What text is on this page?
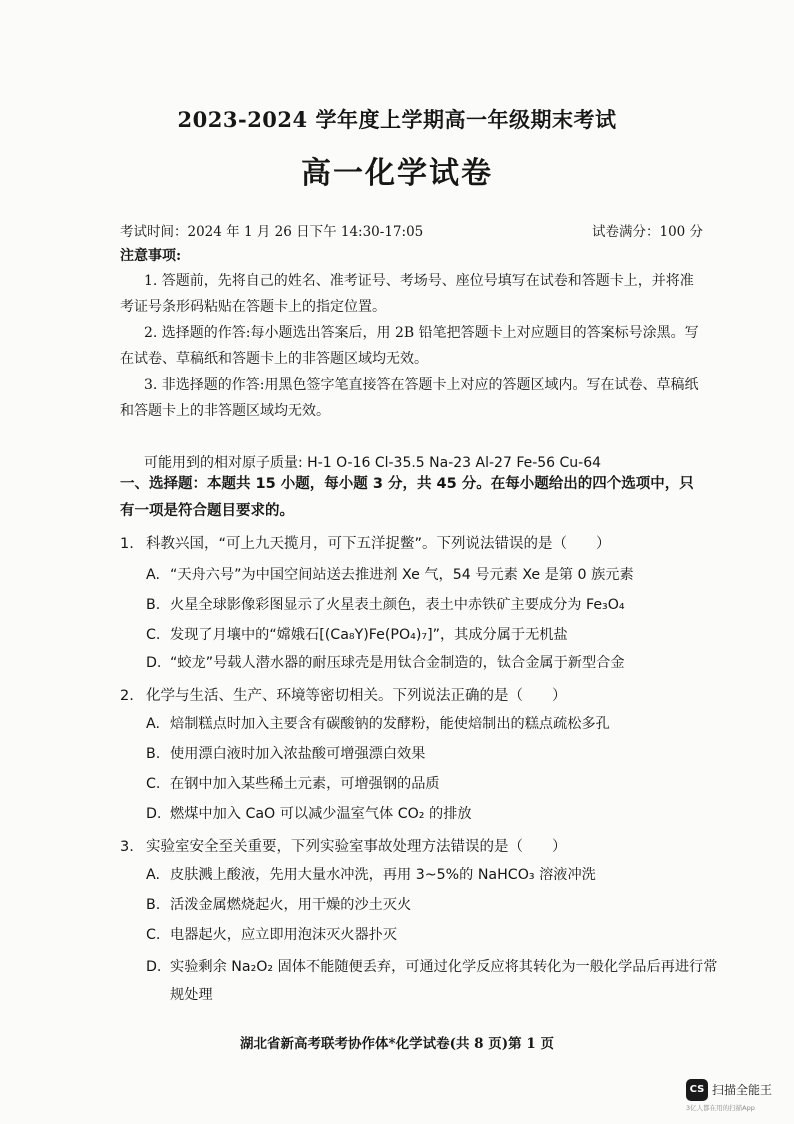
2023-2024 学年度上学期高一年级期末考试
高一化学试卷
考试时间：2024 年 1 月 26 日下午 14:30-17:05	试卷满分：100 分
注意事项:
1. 答题前，先将自己的姓名、准考证号、考场号、座位号填写在试卷和答题卡上，并将准
考证号条形码粘贴在答题卡上的指定位置。
2. 选择题的作答:每小题选出答案后，用 2B 铅笔把答题卡上对应题目的答案标号涂黑。写
在试卷、草稿纸和答题卡上的非答题区域均无效。
3. 非选择题的作答:用黑色签字笔直接答在答题卡上对应的答题区域内。写在试卷、草稿纸
和答题卡上的非答题区域均无效。
可能用到的相对原子质量: H-1 O-16 Cl-35.5 Na-23 Al-27 Fe-56 Cu-64
一、选择题：本题共 15 小题，每小题 3 分，共 45 分。在每小题给出的四个选项中，只有一项是符合题目要求的。
1. 科教兴国，“可上九天揽月，可下五洋捉鳖”。下列说法错误的是（　　）
A. “天舟六号”为中国空间站送去推进剂 Xe 气，54 号元素 Xe 是第 0 族元素
B. 火星全球影像彩图显示了火星表土颜色，表土中赤铁矿主要成分为 Fe₃O₄
C. 发现了月壤中的“嫦娥石[(Ca₈Y)Fe(PO₄)₇]”，其成分属于无机盐
D. “蛟龙”号载人潜水器的耐压球壳是用钛合金制造的，钛合金属于新型合金
2. 化学与生活、生产、环境等密切相关。下列说法正确的是（　　）
A. 焙制糕点时加入主要含有碳酸钠的发酵粉，能使焙制出的糕点疏松多孔
B. 使用漂白液时加入浓盐酸可增强漂白效果
C. 在钢中加入某些稀土元素，可增强钢的品质
D. 燃煤中加入 CaO 可以减少温室气体 CO₂ 的排放
3. 实验室安全至关重要，下列实验室事故处理方法错误的是（　　）
A. 皮肤溅上酸液，先用大量水冲洗，再用 3~5%的 NaHCO₃ 溶液冲洗
B. 活泼金属燃烧起火，用干燥的沙土灭火
C. 电器起火，应立即用泡沫灭火器扑灭
D. 实验剩余 Na₂O₂ 固体不能随便丢弃，可通过化学反应将其转化为一般化学品后再进行常
规处理
湖北省新高考联考协作体*化学试卷(共 8 页)第 1 页
CS 扫描全能王
3亿人都在用的扫描App
